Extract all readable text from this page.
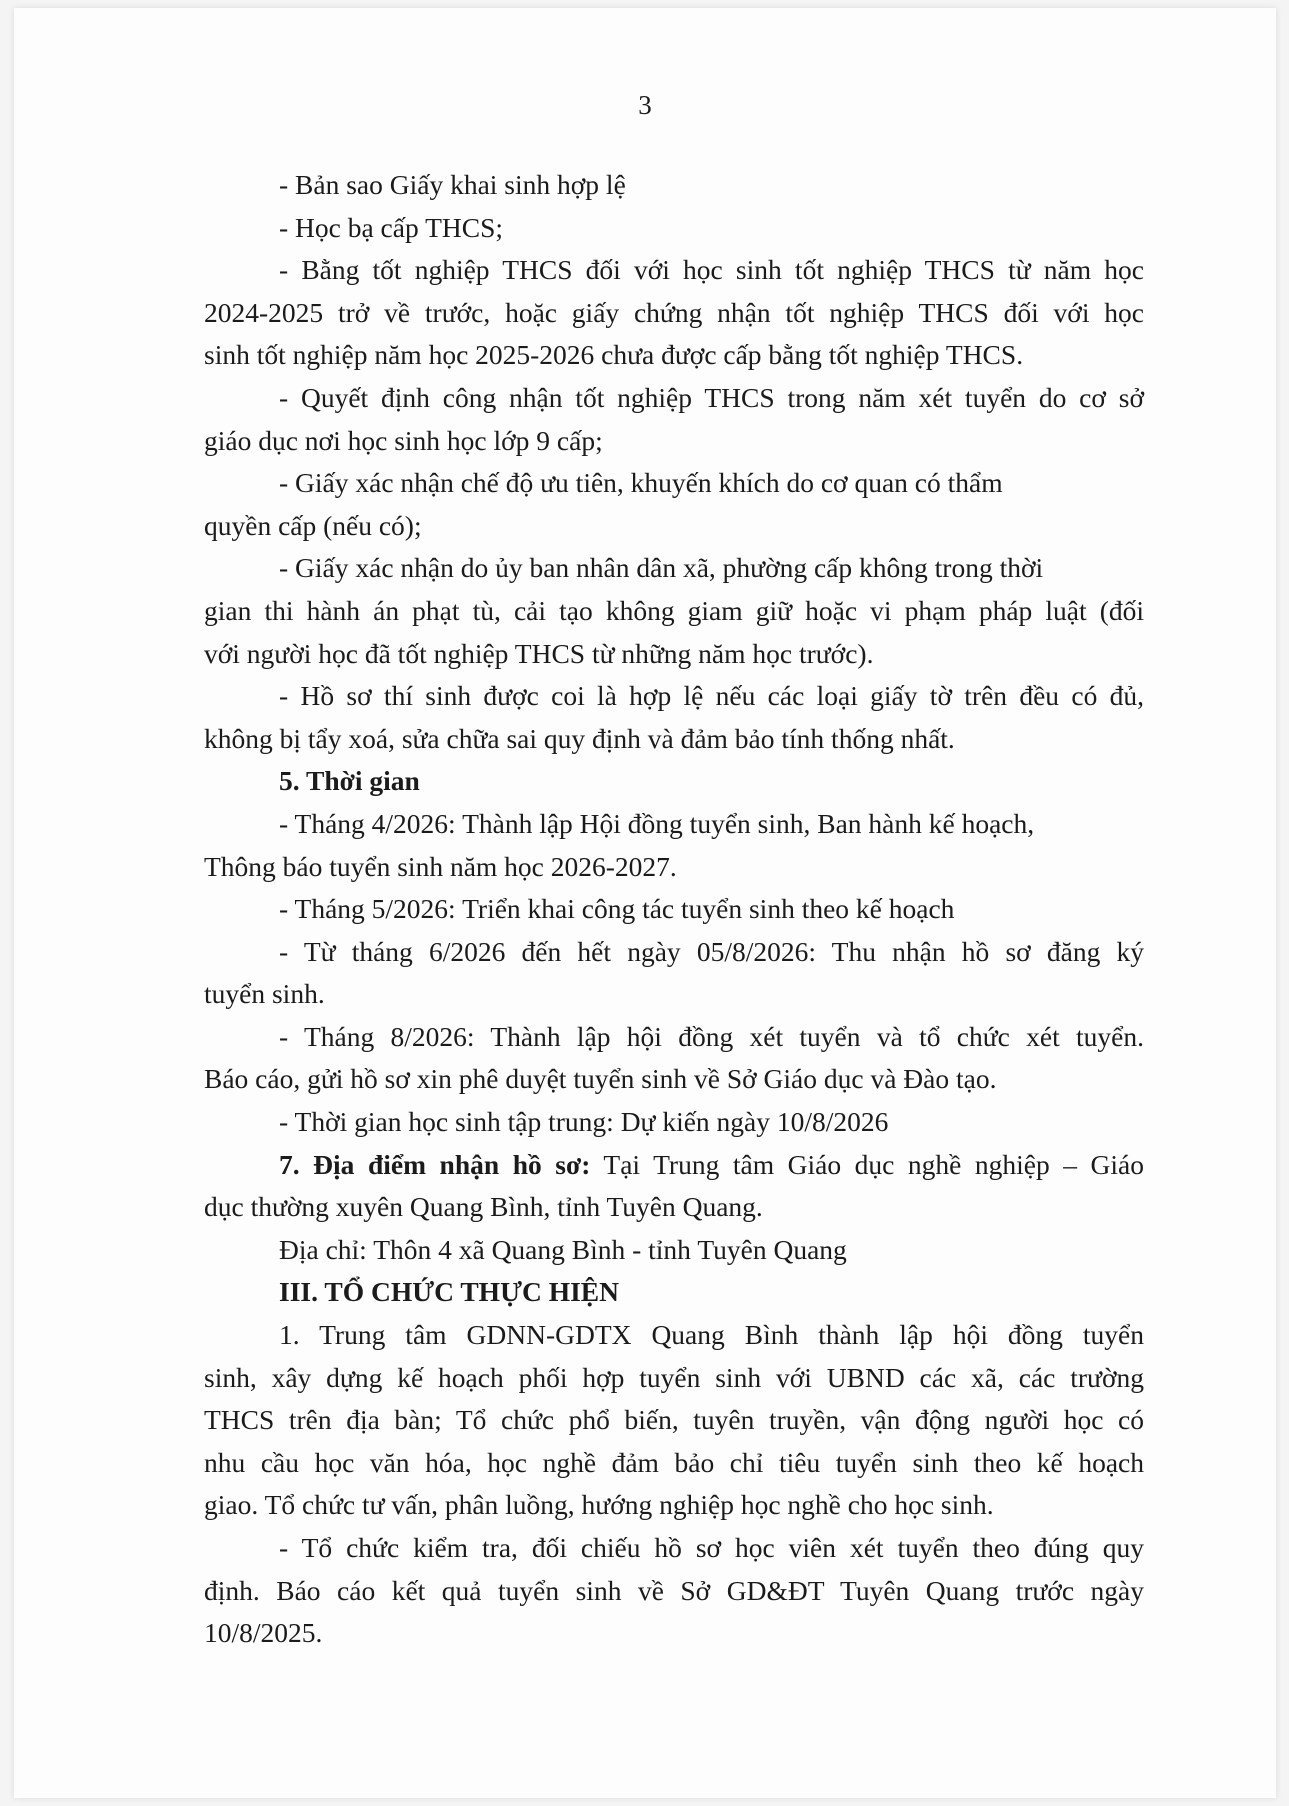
3
- Bản sao Giấy khai sinh hợp lệ
- Học bạ cấp THCS;
- Bằng tốt nghiệp THCS đối với học sinh tốt nghiệp THCS từ năm học
2024-2025 trở về trước, hoặc giấy chứng nhận tốt nghiệp THCS đối với học
sinh tốt nghiệp năm học 2025-2026 chưa được cấp bằng tốt nghiệp THCS.
- Quyết định công nhận tốt nghiệp THCS trong năm xét tuyển do cơ sở
giáo dục nơi học sinh học lớp 9 cấp;
- Giấy xác nhận chế độ ưu tiên, khuyến khích do cơ quan có thẩm
quyền cấp (nếu có);
- Giấy xác nhận do ủy ban nhân dân xã, phường cấp không trong thời
gian thi hành án phạt tù, cải tạo không giam giữ hoặc vi phạm pháp luật (đối
với người học đã tốt nghiệp THCS từ những năm học trước).
- Hồ sơ thí sinh được coi là hợp lệ nếu các loại giấy tờ trên đều có đủ,
không bị tẩy xoá, sửa chữa sai quy định và đảm bảo tính thống nhất.
5. Thời gian
- Tháng 4/2026: Thành lập Hội đồng tuyển sinh, Ban hành kế hoạch,
Thông báo tuyển sinh năm học 2026-2027.
- Tháng 5/2026: Triển khai công tác tuyển sinh theo kế hoạch
- Từ tháng 6/2026 đến hết ngày 05/8/2026: Thu nhận hồ sơ đăng ký
tuyển sinh.
- Tháng 8/2026: Thành lập hội đồng xét tuyển và tổ chức xét tuyển.
Báo cáo, gửi hồ sơ xin phê duyệt tuyển sinh về Sở Giáo dục và Đào tạo.
- Thời gian học sinh tập trung: Dự kiến ngày 10/8/2026
7. Địa điểm nhận hồ sơ: Tại Trung tâm Giáo dục nghề nghiệp – Giáo
dục thường xuyên Quang Bình, tỉnh Tuyên Quang.
Địa chỉ: Thôn 4 xã Quang Bình - tỉnh Tuyên Quang
III. TỔ CHỨC THỰC HIỆN
1. Trung tâm GDNN-GDTX Quang Bình thành lập hội đồng tuyển
sinh, xây dựng kế hoạch phối hợp tuyển sinh với UBND các xã, các trường
THCS trên địa bàn; Tổ chức phổ biến, tuyên truyền, vận động người học có
nhu cầu học văn hóa, học nghề đảm bảo chỉ tiêu tuyển sinh theo kế hoạch
giao. Tổ chức tư vấn, phân luồng, hướng nghiệp học nghề cho học sinh.
- Tổ chức kiểm tra, đối chiếu hồ sơ học viên xét tuyển theo đúng quy
định. Báo cáo kết quả tuyển sinh về Sở GD&ĐT Tuyên Quang trước ngày
10/8/2025.
